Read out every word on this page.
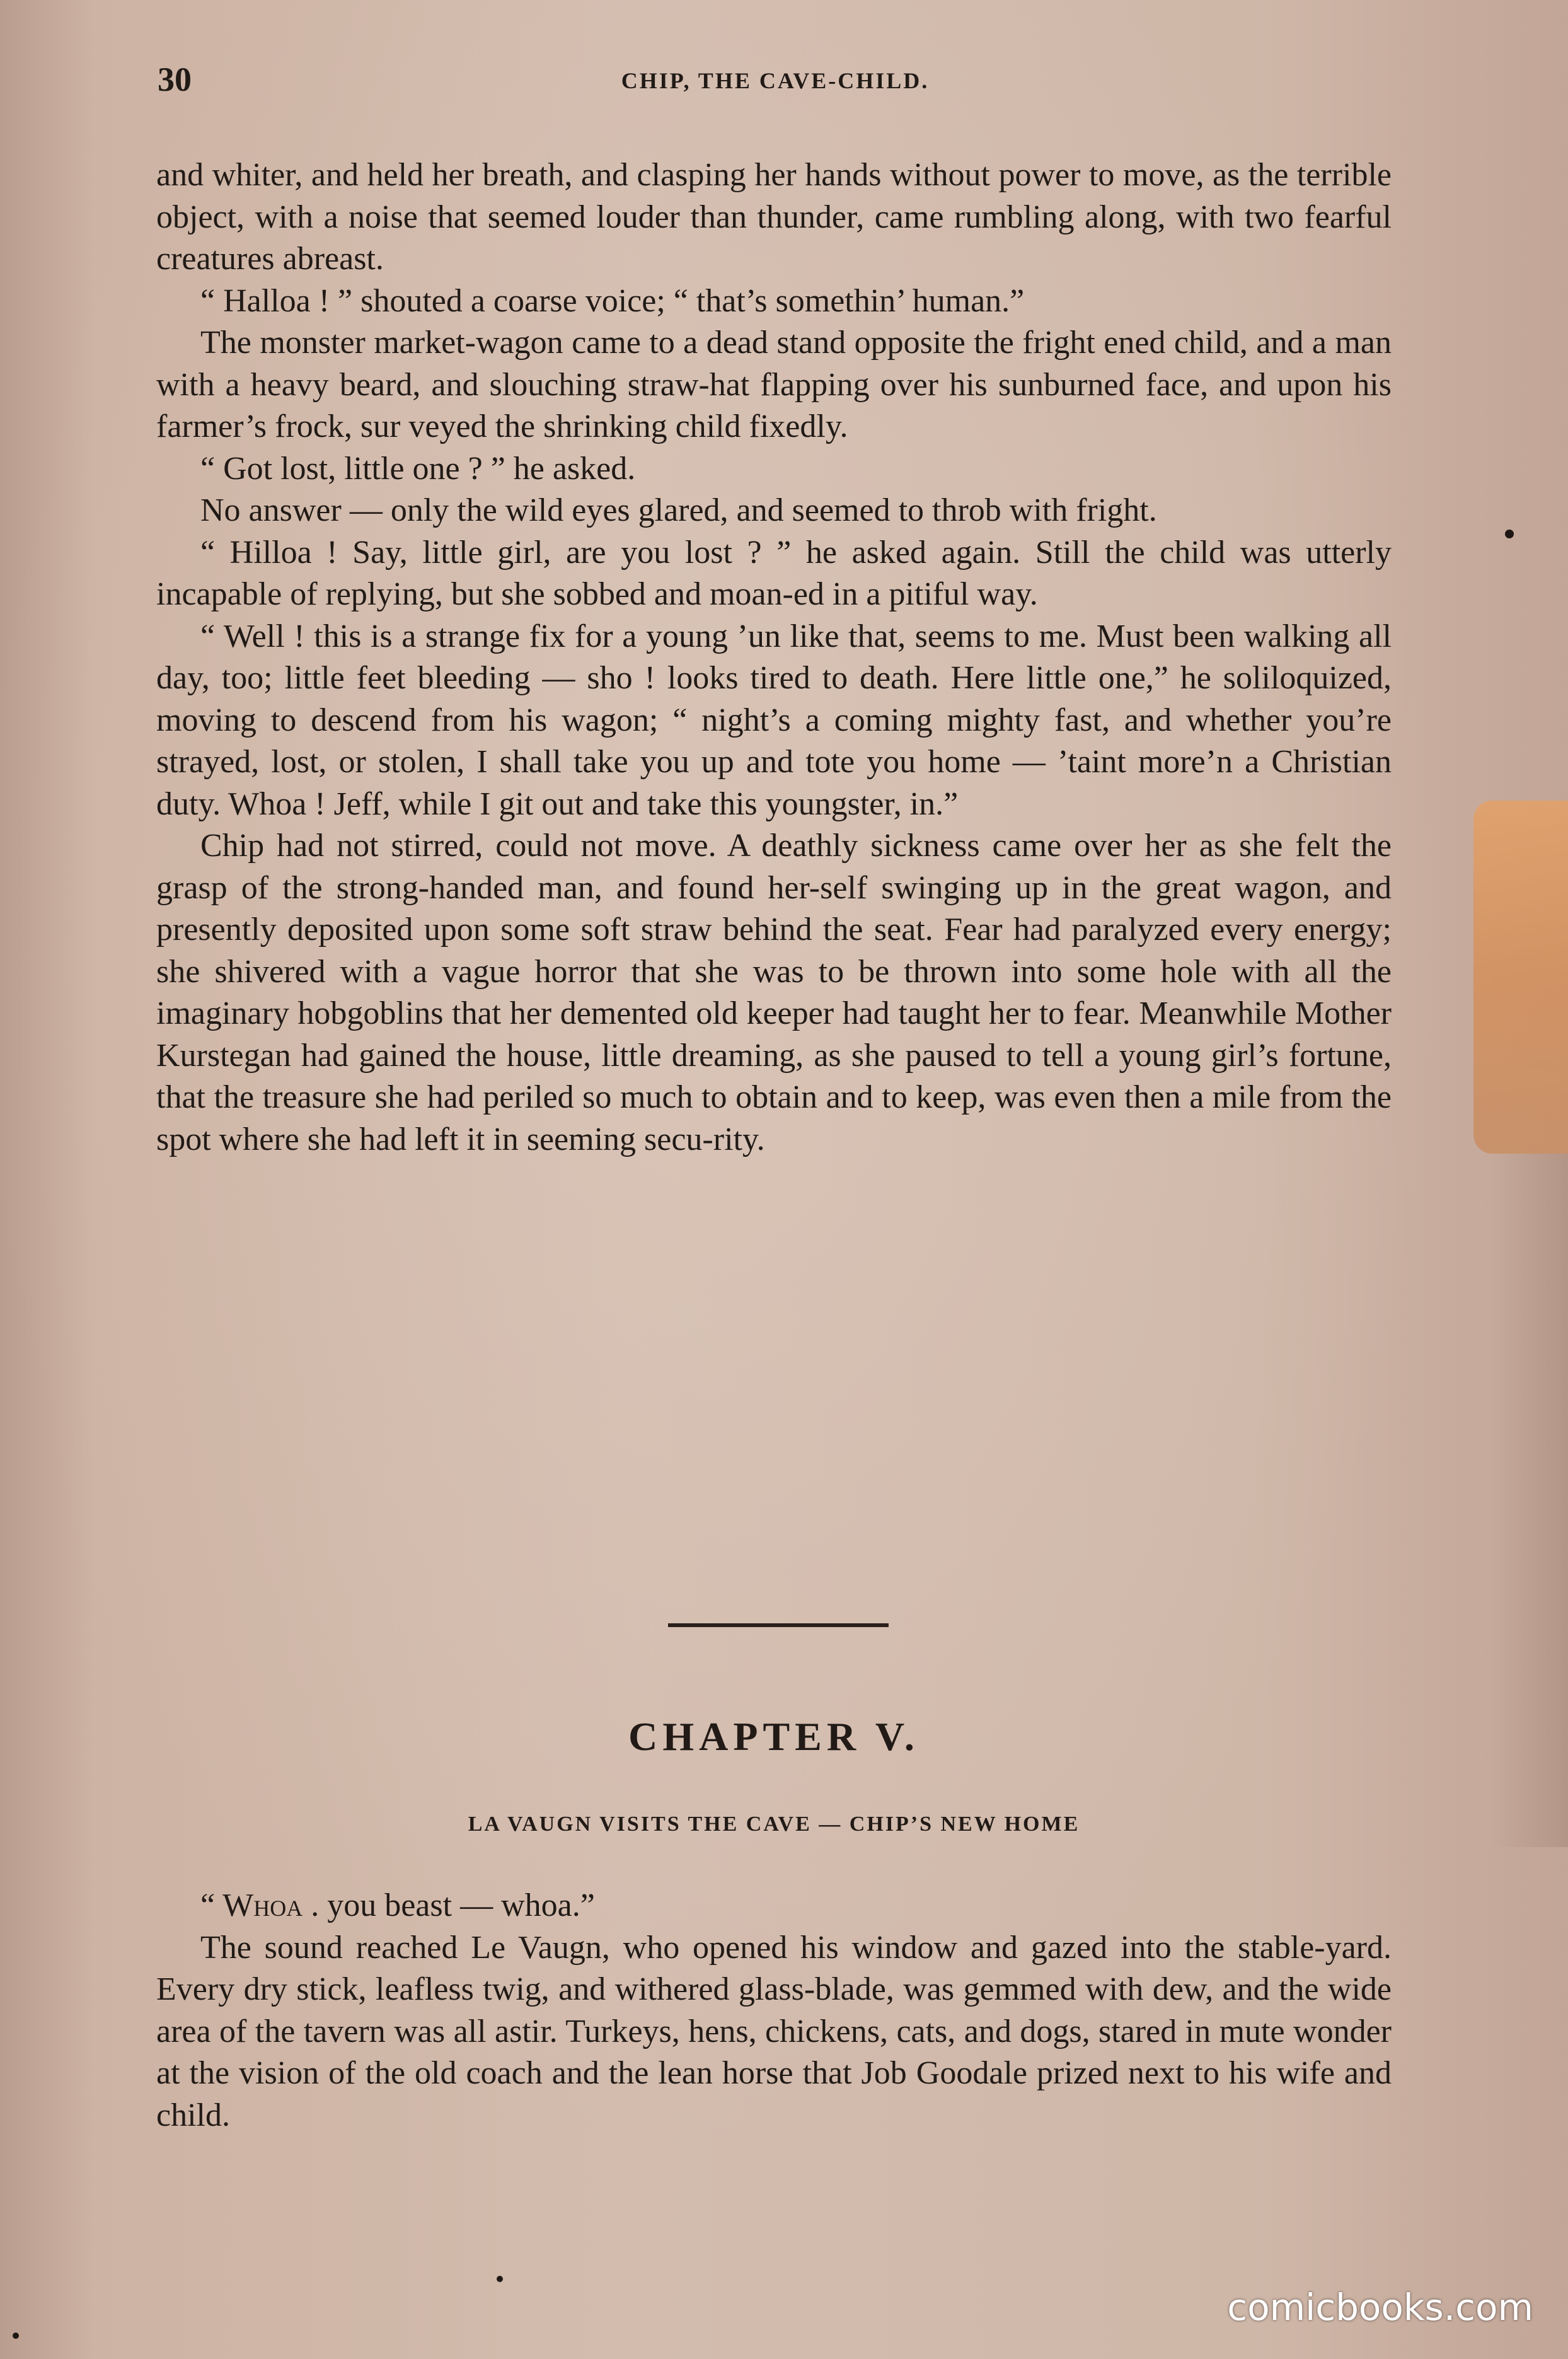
30	CHIP, THE CAVE-CHILD.

and whiter, and held her breath, and clasping her hands without power to move, as the terrible object, with a noise that seemed louder than thunder, came rumbling along, with two fearful creatures abreast.

“ Halloa ! ” shouted a coarse voice; “ that’s somethin’ human.”

The monster market-wagon came to a dead stand opposite the fright ened child, and a man with a heavy beard, and slouching straw-hat flapping over his sunburned face, and upon his farmer’s frock, sur veyed the shrinking child fixedly.

“ Got lost, little one ? ” he asked.

No answer — only the wild eyes glared, and seemed to throb with fright.

“ Hilloa ! Say, little girl, are you lost ? ” he asked again. Still the child was utterly incapable of replying, but she sobbed and moan-ed in a pitiful way.

“ Well ! this is a strange fix for a young ’un like that, seems to me. Must been walking all day, too; little feet bleeding — sho ! looks tired to death. Here little one,” he soliloquized, moving to descend from his wagon; “ night’s a coming mighty fast, and whether you’re strayed, lost, or stolen, I shall take you up and tote you home — ’taint more’n a Christian duty. Whoa ! Jeff, while I git out and take this youngster, in.”

Chip had not stirred, could not move. A deathly sickness came over her as she felt the grasp of the strong-handed man, and found her-self swinging up in the great wagon, and presently deposited upon some soft straw behind the seat. Fear had paralyzed every energy; she shivered with a vague horror that she was to be thrown into some hole with all the imaginary hobgoblins that her demented old keeper had taught her to fear. Meanwhile Mother Kurstegan had gained the house, little dreaming, as she paused to tell a young girl’s fortune, that the treasure she had periled so much to obtain and to keep, was even then a mile from the spot where she had left it in seeming secu-rity.

CHAPTER V.
LA VAUGN VISITS THE CAVE — CHIP’S NEW HOME

“ Whoa . you beast — whoa.”

The sound reached Le Vaugn, who opened his window and gazed into the stable-yard. Every dry stick, leafless twig, and withered glass-blade, was gemmed with dew, and the wide area of the tavern was all astir. Turkeys, hens, chickens, cats, and dogs, stared in mute wonder at the vision of the old coach and the lean horse that Job Goodale prized next to his wife and child.

comicbooks.com
